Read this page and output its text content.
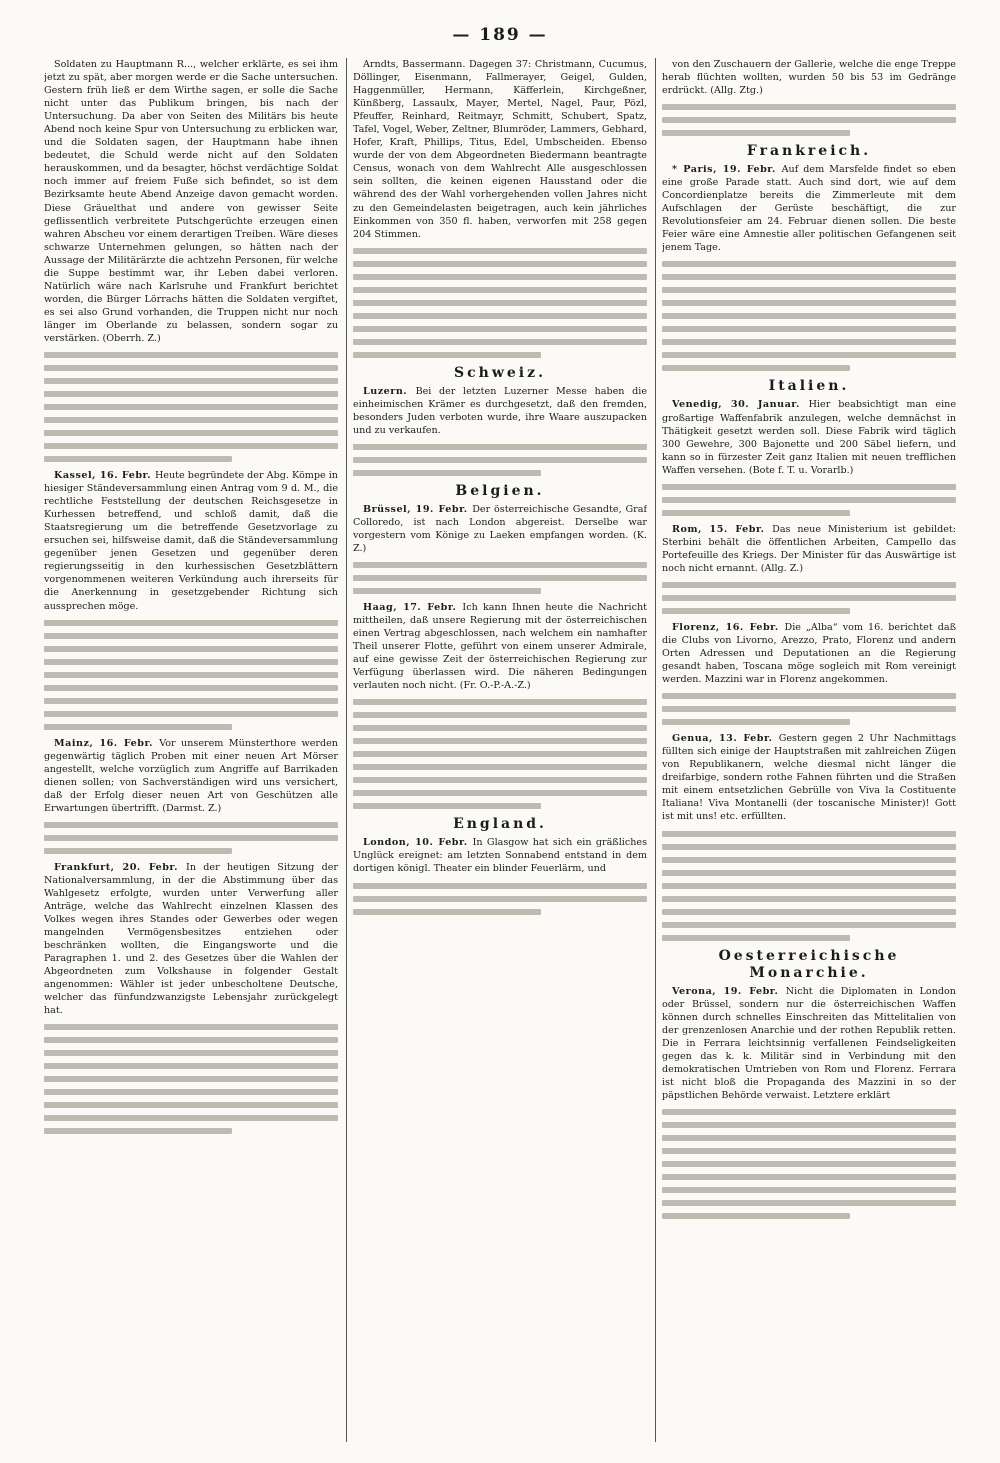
— 189 —

Soldaten zu Hauptmann R..., welcher erklärte, es sei ihm jetzt zu spät, aber morgen werde er die Sache untersuchen. Gestern früh ließ er dem Wirthe sagen, er solle die Sache nicht unter das Publikum bringen, bis nach der Untersuchung. Da aber von Seiten des Militärs bis heute Abend noch keine Spur von Untersuchung zu erblicken war, und die Soldaten sagen, der Hauptmann habe ihnen bedeutet, die Schuld werde nicht auf den Soldaten herauskommen, und da besagter, höchst verdächtige Soldat noch immer auf freiem Fuße sich befindet, so ist dem Bezirksamte heute Abend Anzeige davon gemacht worden. Diese Gräuelthat und andere von gewisser Seite geflissentlich verbreitete Putschgerüchte erzeugen einen wahren Abscheu vor einem derartigen Treiben. Wäre dieses schwarze Unternehmen gelungen, so hätten nach der Aussage der Militärärzte die achtzehn Personen, für welche die Suppe bestimmt war, ihr Leben dabei verloren. Natürlich wäre nach Karlsruhe und Frankfurt berichtet worden, die Bürger Lörrachs hätten die Soldaten vergiftet, es sei also Grund vorhanden, die Truppen nicht nur noch länger im Oberlande zu belassen, sondern sogar zu verstärken. (Oberrh. Z.)

Kassel, 16. Febr. Heute begründete der Abg. Kömpe in hiesiger Ständeversammlung einen Antrag vom 9 d. M., die rechtliche Feststellung der deutschen Reichsgesetze in Kurhessen betreffend, und schloß damit, daß die Staatsregierung um die betreffende Gesetzvorlage zu ersuchen sei, hilfsweise damit, daß die Ständeversammlung gegenüber jenen Gesetzen und gegenüber deren regierungsseitig in den kurhessischen Gesetzblättern vorgenommenen weiteren Verkündung auch ihrerseits für die Anerkennung in gesetzgebender Richtung sich aussprechen möge.

Mainz, 16. Febr. Vor unserem Münsterthore werden gegenwärtig täglich Proben mit einer neuen Art Mörser angestellt, welche vorzüglich zum Angriffe auf Barrikaden dienen sollen; von Sachverständigen wird uns versichert, daß der Erfolg dieser neuen Art von Geschützen alle Erwartungen übertrifft. (Darmst. Z.)

Frankfurt, 20. Febr. In der heutigen Sitzung der Nationalversammlung, in der die Abstimmung über das Wahlgesetz erfolgte, wurden unter Verwerfung aller Anträge, welche das Wahlrecht einzelnen Klassen des Volkes wegen ihres Standes oder Gewerbes oder wegen mangelnden Vermögensbesitzes entziehen oder beschränken wollten, die Eingangsworte und die Paragraphen 1. und 2. des Gesetzes über die Wahlen der Abgeordneten zum Volkshause in folgender Gestalt angenommen: Wähler ist jeder unbescholtene Deutsche, welcher das fünfundzwanzigste Lebensjahr zurückgelegt hat.

Arndts, Bassermann. Dagegen 37: Christmann, Cucumus, Döllinger, Eisenmann, Fallmerayer, Geigel, Gulden, Haggenmüller, Hermann, Käfferlein, Kirchgeßner, Künßberg, Lassaulx, Mayer, Mertel, Nagel, Paur, Pözl, Pfeuffer, Reinhard, Reitmayr, Schmitt, Schubert, Spatz, Tafel, Vogel, Weber, Zeltner, Blumröder, Lammers, Gebhard, Hofer, Kraft, Phillips, Titus, Edel, Umbscheiden. Ebenso wurde der von dem Abgeordneten Biedermann beantragte Census, wonach von dem Wahlrecht Alle ausgeschlossen sein sollten, die keinen eigenen Hausstand oder die während des der Wahl vorhergehenden vollen Jahres nicht zu den Gemeindelasten beigetragen, auch kein jährliches Einkommen von 350 fl. haben, verworfen mit 258 gegen 204 Stimmen.

Schweiz.

Luzern. Bei der letzten Luzerner Messe haben die einheimischen Krämer es durchgesetzt, daß den fremden, besonders Juden verboten wurde, ihre Waare auszupacken und zu verkaufen.

Belgien.

Brüssel, 19. Febr. Der österreichische Gesandte, Graf Colloredo, ist nach London abgereist. Derselbe war vorgestern vom Könige zu Laeken empfangen worden. (K. Z.)

Haag, 17. Febr. Ich kann Ihnen heute die Nachricht mittheilen, daß unsere Regierung mit der österreichischen einen Vertrag abgeschlossen, nach welchem ein namhafter Theil unserer Flotte, geführt von einem unserer Admirale, auf eine gewisse Zeit der österreichischen Regierung zur Verfügung überlassen wird. Die näheren Bedingungen verlauten noch nicht. (Fr. O.-P.-A.-Z.)

England.

London, 10. Febr. In Glasgow hat sich ein gräßliches Unglück ereignet: am letzten Sonnabend entstand in dem dortigen königl. Theater ein blinder Feuerlärm, und

von den Zuschauern der Gallerie, welche die enge Treppe herab flüchten wollten, wurden 50 bis 53 im Gedränge erdrückt. (Allg. Ztg.)

Frankreich.

* Paris, 19. Febr. Auf dem Marsfelde findet so eben eine große Parade statt. Auch sind dort, wie auf dem Concordienplatze bereits die Zimmerleute mit dem Aufschlagen der Gerüste beschäftigt, die zur Revolutionsfeier am 24. Februar dienen sollen. Die beste Feier wäre eine Amnestie aller politischen Gefangenen seit jenem Tage.

Italien.

Venedig, 30. Januar. Hier beabsichtigt man eine großartige Waffenfabrik anzulegen, welche demnächst in Thätigkeit gesetzt werden soll. Diese Fabrik wird täglich 300 Gewehre, 300 Bajonette und 200 Säbel liefern, und kann so in fürzester Zeit ganz Italien mit neuen trefflichen Waffen versehen. (Bote f. T. u. Vorarlb.)

Rom, 15. Febr. Das neue Ministerium ist gebildet: Sterbini behält die öffentlichen Arbeiten, Campello das Portefeuille des Kriegs. Der Minister für das Auswärtige ist noch nicht ernannt. (Allg. Z.)

Florenz, 16. Febr. Die „Alba“ vom 16. berichtet daß die Clubs von Livorno, Arezzo, Prato, Florenz und andern Orten Adressen und Deputationen an die Regierung gesandt haben, Toscana möge sogleich mit Rom vereinigt werden. Mazzini war in Florenz angekommen.

Genua, 13. Febr. Gestern gegen 2 Uhr Nachmittags füllten sich einige der Hauptstraßen mit zahlreichen Zügen von Republikanern, welche diesmal nicht länger die dreifarbige, sondern rothe Fahnen führten und die Straßen mit einem entsetzlichen Gebrülle von Viva la Costituente Italiana! Viva Montanelli (der toscanische Minister)! Gott ist mit uns! etc. erfüllten.

Oesterreichische Monarchie.

Verona, 19. Febr. Nicht die Diplomaten in London oder Brüssel, sondern nur die österreichischen Waffen können durch schnelles Einschreiten das Mittelitalien von der grenzenlosen Anarchie und der rothen Republik retten. Die in Ferrara leichtsinnig verfallenen Feindseligkeiten gegen das k. k. Militär sind in Verbindung mit den demokratischen Umtrieben von Rom und Florenz. Ferrara ist nicht bloß die Propaganda des Mazzini in so der päpstlichen Behörde verwaist. Letztere erklärt
